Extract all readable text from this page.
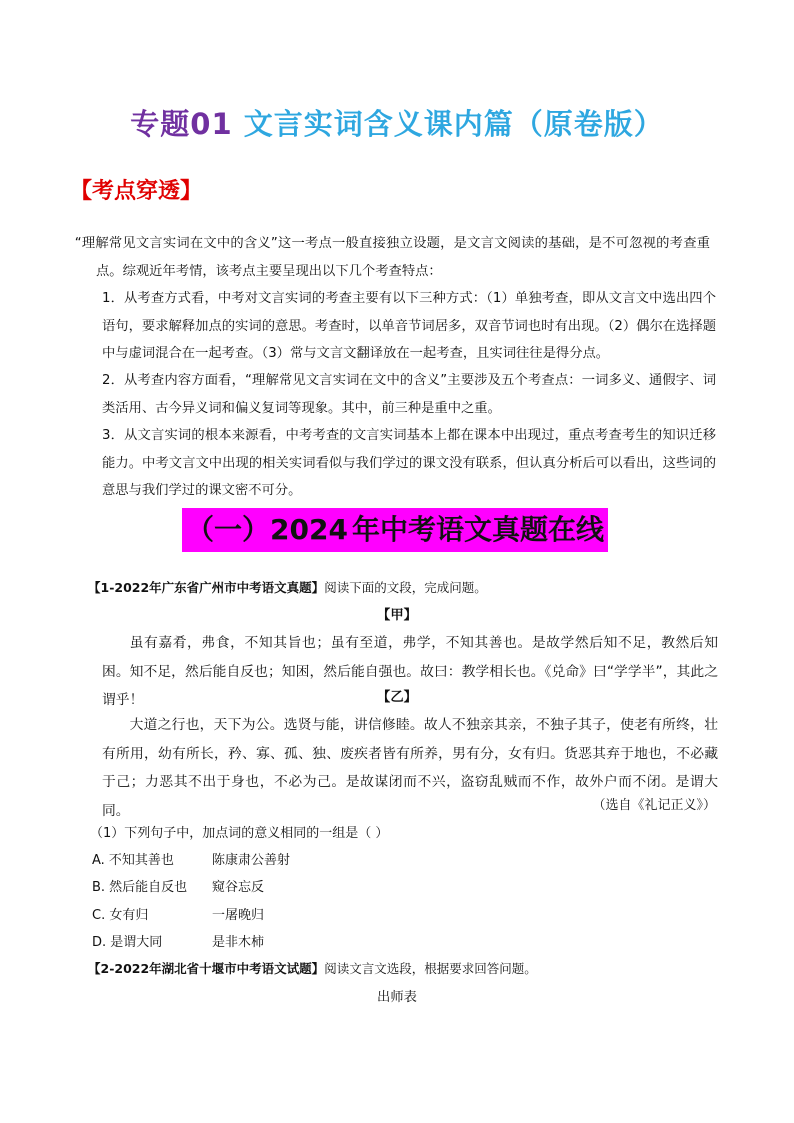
专题01 文言实词含义课内篇（原卷版）
【考点穿透】
“理解常见文言实词在文中的含义”这一考点一般直接独立设题，是文言文阅读的基础，是不可忽视的考查重点。综观近年考情，该考点主要呈现出以下几个考查特点：
1．从考查方式看，中考对文言实词的考查主要有以下三种方式：（1）单独考查，即从文言文中选出四个语句，要求解释加点的实词的意思。考查时，以单音节词居多，双音节词也时有出现。（2）偶尔在选择题中与虚词混合在一起考查。（3）常与文言文翻译放在一起考查，且实词往往是得分点。
2．从考查内容方面看，“理解常见文言实词在文中的含义”主要涉及五个考查点：一词多义、通假字、词类活用、古今异义词和偏义复词等现象。其中，前三种是重中之重。
3．从文言实词的根本来源看，中考考查的文言实词基本上都在课本中出现过，重点考查考生的知识迁移能力。中考文言文中出现的相关实词看似与我们学过的课文没有联系，但认真分析后可以看出，这些词的意思与我们学过的课文密不可分。
（一）2024 年中考语文真题在线
【1-2022年广东省广州市中考语文真题】阅读下面的文段，完成问题。
【甲】
虽有嘉肴，弗食，不知其旨也；虽有至道，弗学，不知其善也。是故学然后知不足，教然后知困。知不足，然后能自反也；知困，然后能自强也。故曰：教学相长也。《兑命》曰“学学半”，其此之谓乎！	【乙】
大道之行也，天下为公。选贤与能，讲信修睦。故人不独亲其亲，不独子其子，使老有所终，壮有所用，幼有所长，矜、寡、孤、独、废疾者皆有所养，男有分，女有归。货恶其弃于地也，不必藏于己；力恶其不出于身也，不必为己。是故谋闭而不兴，盗窃乱贼而不作，故外户而不闭。是谓大同。	（选自《礼记正义》）
（1）下列句子中，加点词的意义相同的一组是（ ）
A. 不知其善也	陈康肃公善射
B. 然后能自反也 窥谷忘反
C. 女有归	一屠晚归
D. 是谓大同	是非木柿
【2-2022年湖北省十堰市中考语文试题】阅读文言文选段，根据要求回答问题。
出师表
